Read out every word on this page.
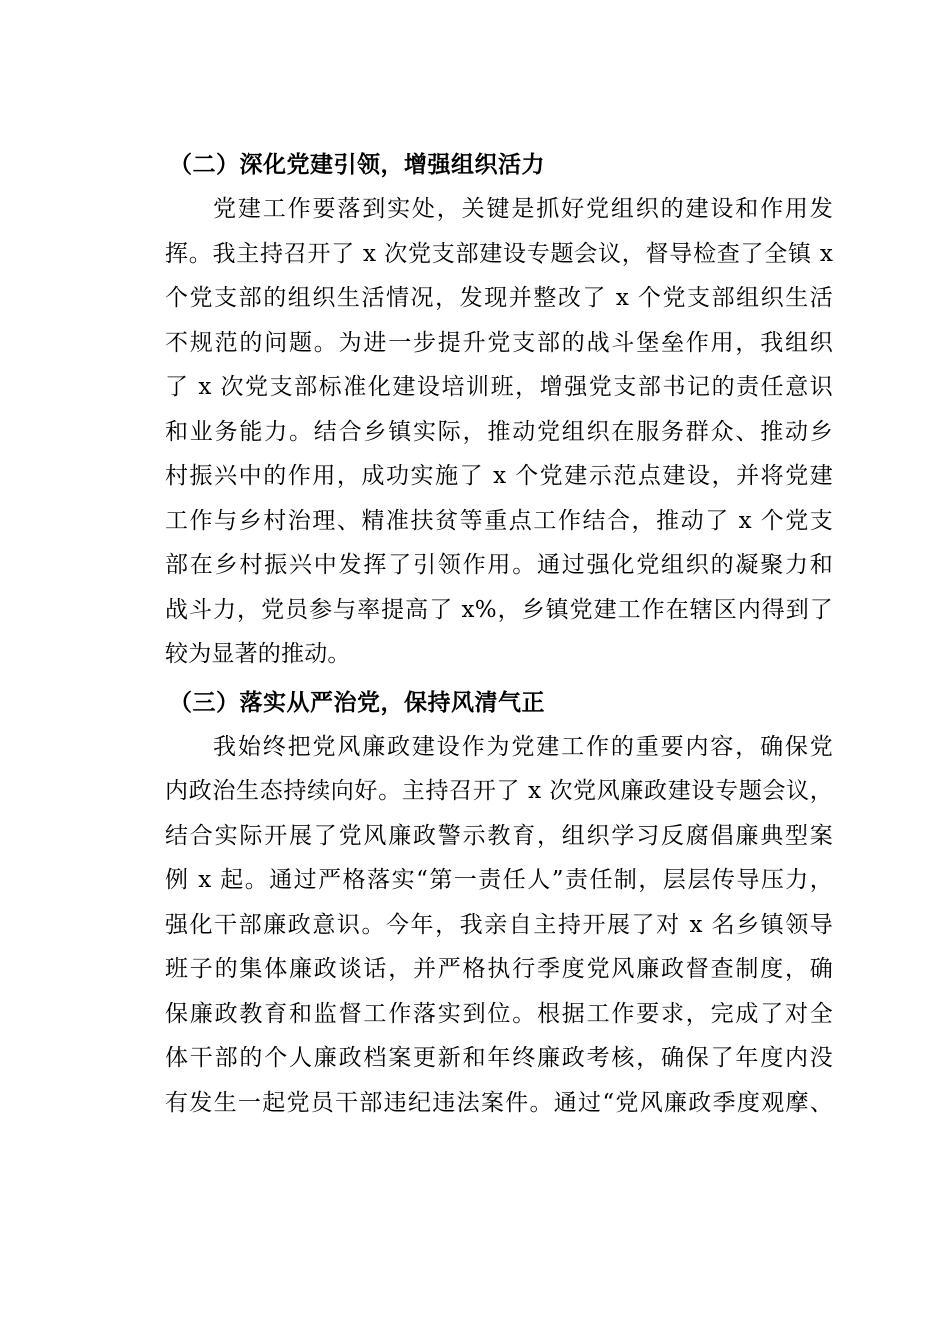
（二）深化党建引领，增强组织活力
党建工作要落到实处，关键是抓好党组织的建设和作用发
挥。我主持召开了 x 次党支部建设专题会议，督导检查了全镇 x
个党支部的组织生活情况，发现并整改了 x 个党支部组织生活
不规范的问题。为进一步提升党支部的战斗堡垒作用，我组织
了 x 次党支部标准化建设培训班，增强党支部书记的责任意识
和业务能力。结合乡镇实际，推动党组织在服务群众、推动乡
村振兴中的作用，成功实施了 x 个党建示范点建设，并将党建
工作与乡村治理、精准扶贫等重点工作结合，推动了 x 个党支
部在乡村振兴中发挥了引领作用。通过强化党组织的凝聚力和
战斗力，党员参与率提高了 x%，乡镇党建工作在辖区内得到了
较为显著的推动。
（三）落实从严治党，保持风清气正
我始终把党风廉政建设作为党建工作的重要内容，确保党
内政治生态持续向好。主持召开了 x 次党风廉政建设专题会议，
结合实际开展了党风廉政警示教育，组织学习反腐倡廉典型案
例 x 起。通过严格落实“第一责任人”责任制，层层传导压力，
强化干部廉政意识。今年，我亲自主持开展了对 x 名乡镇领导
班子的集体廉政谈话，并严格执行季度党风廉政督查制度，确
保廉政教育和监督工作落实到位。根据工作要求，完成了对全
体干部的个人廉政档案更新和年终廉政考核，确保了年度内没
有发生一起党员干部违纪违法案件。通过“党风廉政季度观摩、
